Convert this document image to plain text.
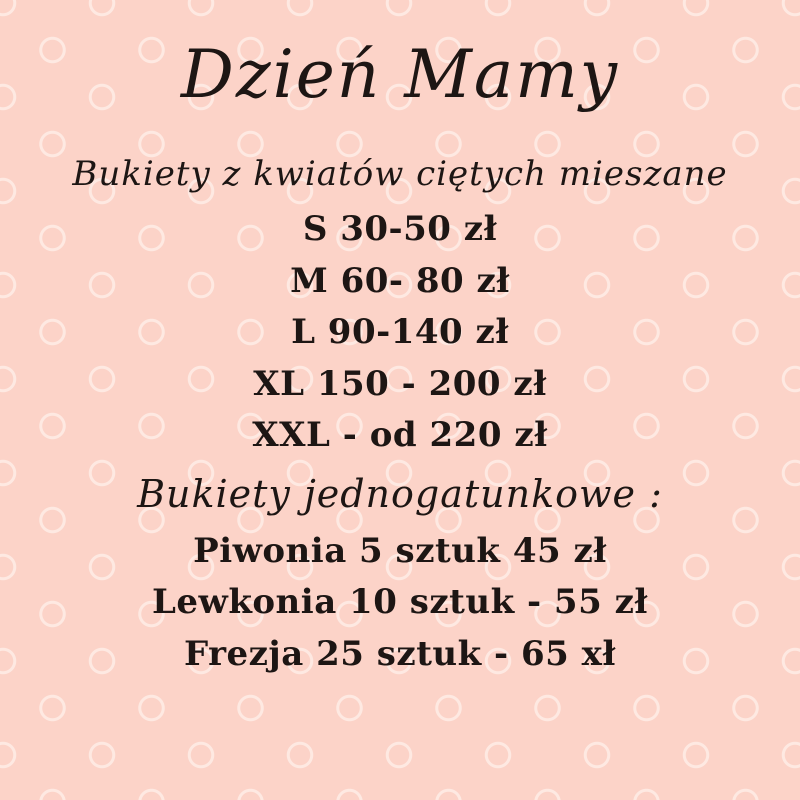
Dzień Mamy
Bukiety z kwiatów ciętych mieszane
S 30-50 zł
M 60- 80 zł
L 90-140 zł
XL 150 - 200 zł
XXL - od 220 zł
Bukiety jednogatunkowe :
Piwonia 5 sztuk 45 zł
Lewkonia 10 sztuk - 55 zł
Frezja 25 sztuk - 65 xł
